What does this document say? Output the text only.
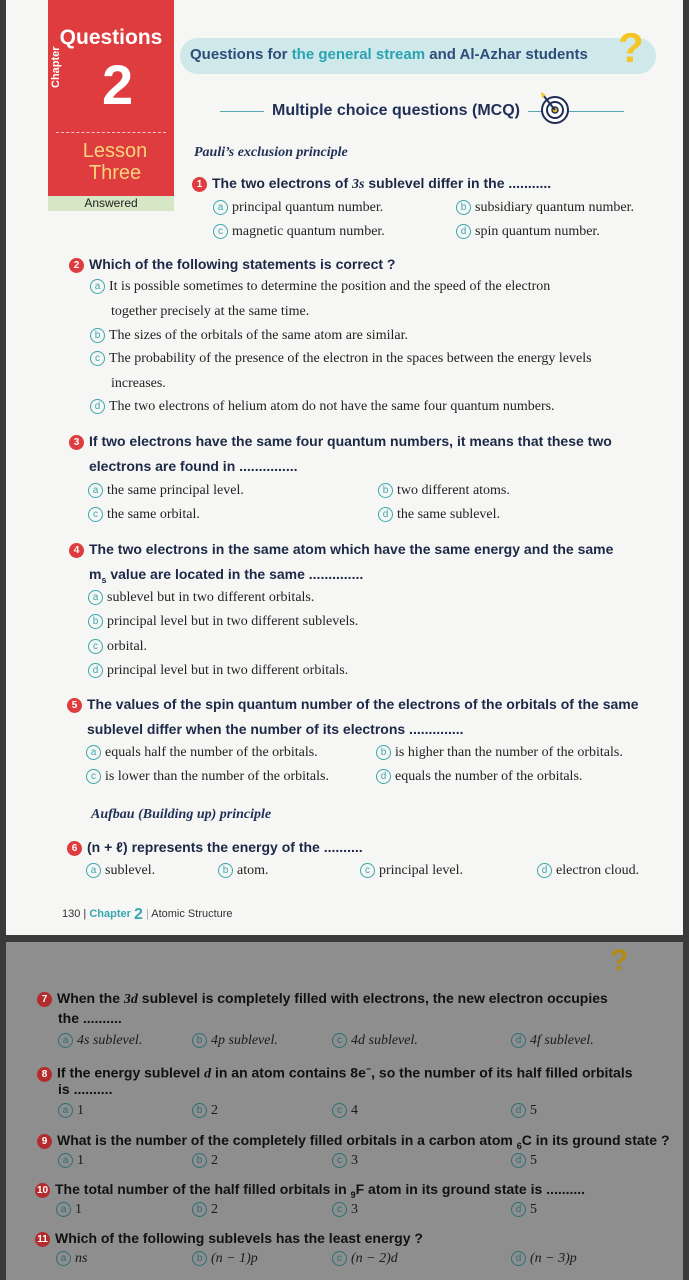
Questions
Chapter 2
Lesson
Three
Answered
Questions for the general stream and Al-Azhar students ?
Multiple choice questions (MCQ)
Pauli’s exclusion principle
1 The two electrons of 3s sublevel differ in the ...........
a principal quantum number.	b subsidiary quantum number.
c magnetic quantum number.	d spin quantum number.
2 Which of the following statements is correct ?
a It is possible sometimes to determine the position and the speed of the electron
together precisely at the same time.
b The sizes of the orbitals of the same atom are similar.
c The probability of the presence of the electron in the spaces between the energy levels
increases.
d The two electrons of helium atom do not have the same four quantum numbers.
3 If two electrons have the same four quantum numbers, it means that these two
electrons are found in ...............
a the same principal level.	b two different atoms.
c the same orbital.	d the same sublevel.
4 The two electrons in the same atom which have the same energy and the same
$m_s$ value are located in the same ..............
a sublevel but in two different orbitals.
b principal level but in two different sublevels.
c orbital.
d principal level but in two different orbitals.
5 The values of the spin quantum number of the electrons of the orbitals of the same
sublevel differ when the number of its electrons ..............
a equals half the number of the orbitals.	b is higher than the number of the orbitals.
c is lower than the number of the orbitals.	d equals the number of the orbitals.
Aufbau (Building up) principle
6 (n + ℓ) represents the energy of the ..........
a sublevel.	b atom.	c principal level.	d electron cloud.
130 | Chapter 2 | Atomic Structure
?
7 When the 3d sublevel is completely filled with electrons, the new electron occupies
the ..........
a 4s sublevel.	b 4p sublevel.	c 4d sublevel.	d 4f sublevel.
8 If the energy sublevel d in an atom contains 8e−, so the number of its half filled orbitals
is ..........
a 1	b 2	c 4	d 5
9 What is the number of the completely filled orbitals in a carbon atom $_6$C in its ground state ?
a 1	b 2	c 3	d 5
10 The total number of the half filled orbitals in $_9$F atom in its ground state is ..........
a 1	b 2	c 3	d 5
11 Which of the following sublevels has the least energy ?
a ns	b (n − 1)p	c (n − 2)d	d (n − 3)p
